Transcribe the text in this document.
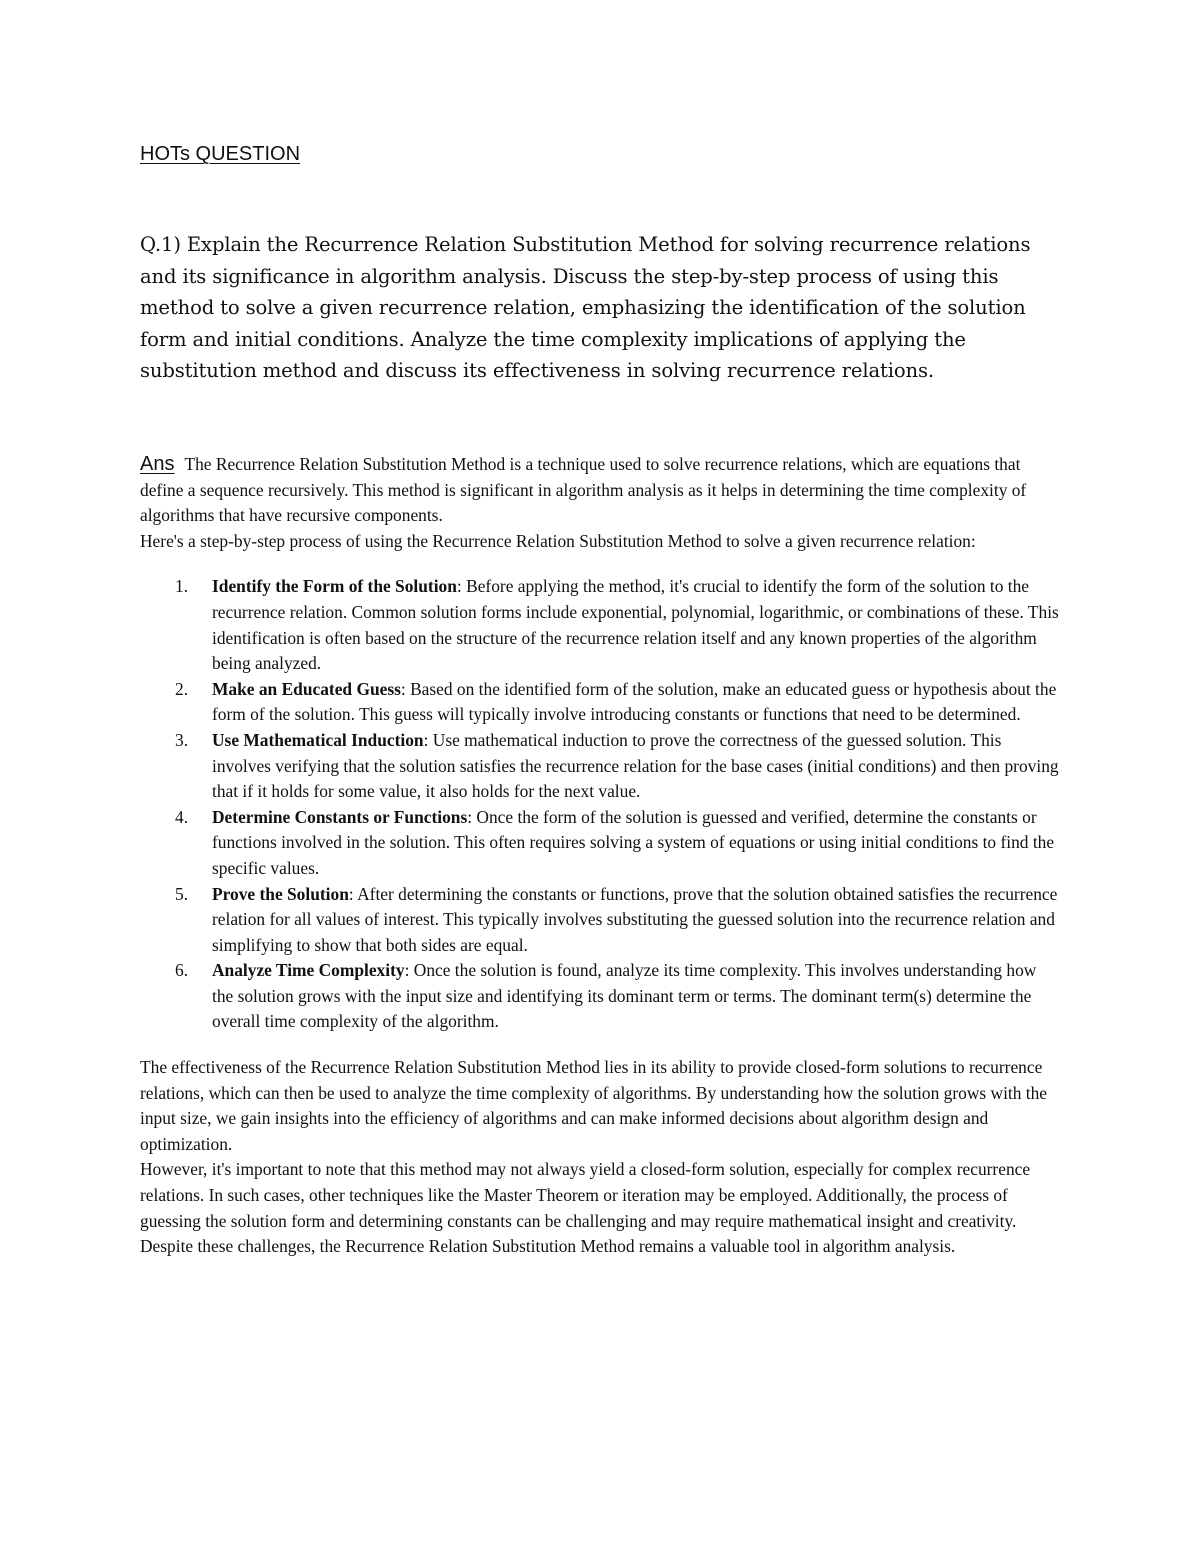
HOTs QUESTION

Q.1) Explain the Recurrence Relation Substitution Method for solving recurrence relations and its significance in algorithm analysis. Discuss the step-by-step process of using this method to solve a given recurrence relation, emphasizing the identification of the solution form and initial conditions. Analyze the time complexity implications of applying the substitution method and discuss its effectiveness in solving recurrence relations.

Ans The Recurrence Relation Substitution Method is a technique used to solve recurrence relations, which are equations that define a sequence recursively. This method is significant in algorithm analysis as it helps in determining the time complexity of algorithms that have recursive components.

Here's a step-by-step process of using the Recurrence Relation Substitution Method to solve a given recurrence relation:

1. Identify the Form of the Solution: Before applying the method, it's crucial to identify the form of the solution to the recurrence relation. Common solution forms include exponential, polynomial, logarithmic, or combinations of these. This identification is often based on the structure of the recurrence relation itself and any known properties of the algorithm being analyzed.
2. Make an Educated Guess: Based on the identified form of the solution, make an educated guess or hypothesis about the form of the solution. This guess will typically involve introducing constants or functions that need to be determined.
3. Use Mathematical Induction: Use mathematical induction to prove the correctness of the guessed solution. This involves verifying that the solution satisfies the recurrence relation for the base cases (initial conditions) and then proving that if it holds for some value, it also holds for the next value.
4. Determine Constants or Functions: Once the form of the solution is guessed and verified, determine the constants or functions involved in the solution. This often requires solving a system of equations or using initial conditions to find the specific values.
5. Prove the Solution: After determining the constants or functions, prove that the solution obtained satisfies the recurrence relation for all values of interest. This typically involves substituting the guessed solution into the recurrence relation and simplifying to show that both sides are equal.
6. Analyze Time Complexity: Once the solution is found, analyze its time complexity. This involves understanding how the solution grows with the input size and identifying its dominant term or terms. The dominant term(s) determine the overall time complexity of the algorithm.

The effectiveness of the Recurrence Relation Substitution Method lies in its ability to provide closed-form solutions to recurrence relations, which can then be used to analyze the time complexity of algorithms. By understanding how the solution grows with the input size, we gain insights into the efficiency of algorithms and can make informed decisions about algorithm design and optimization.

However, it's important to note that this method may not always yield a closed-form solution, especially for complex recurrence relations. In such cases, other techniques like the Master Theorem or iteration may be employed. Additionally, the process of guessing the solution form and determining constants can be challenging and may require mathematical insight and creativity. Despite these challenges, the Recurrence Relation Substitution Method remains a valuable tool in algorithm analysis.
